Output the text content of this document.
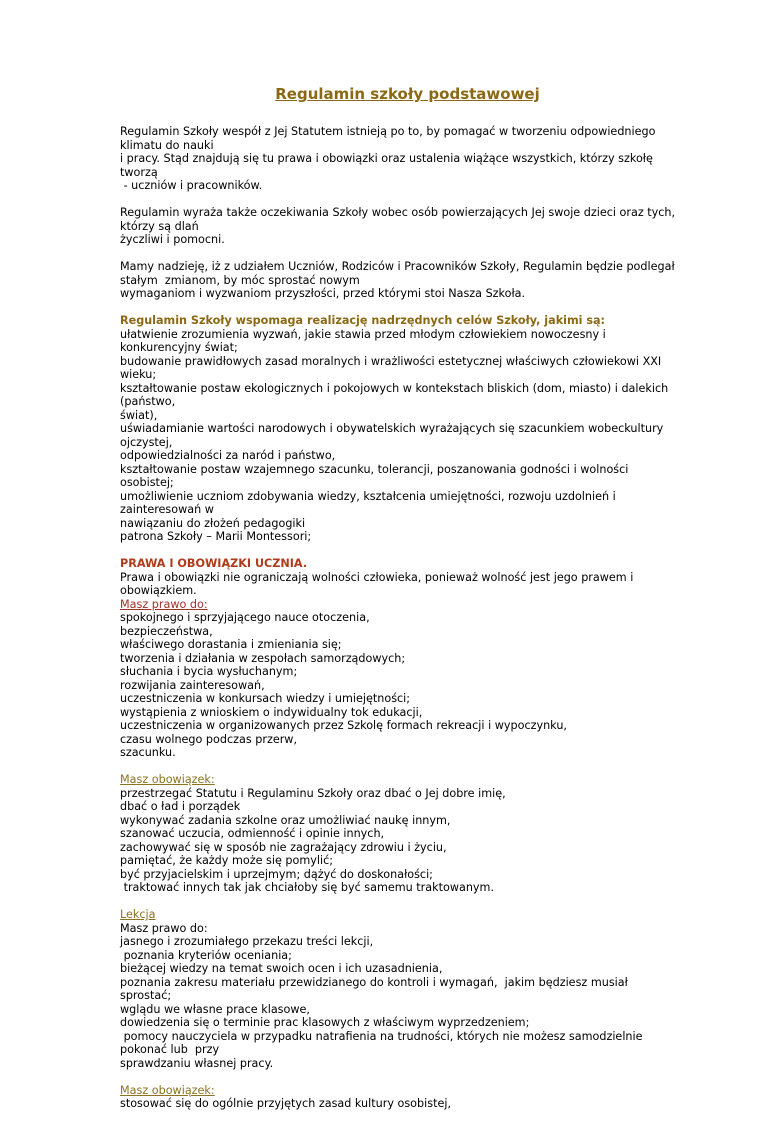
Regulamin szkoły podstawowej

Regulamin Szkoły wespół z Jej Statutem istnieją po to, by pomagać w tworzeniu odpowiedniego klimatu do nauki
i pracy. Stąd znajdują się tu prawa i obowiązki oraz ustalenia wiążące wszystkich, którzy szkołę tworzą
- uczniów i pracowników.

Regulamin wyraża także oczekiwania Szkoły wobec osób powierzających Jej swoje dzieci oraz tych, którzy są dlań
życzliwi i pomocni.

Mamy nadzieję, iż z udziałem Uczniów, Rodziców i Pracowników Szkoły, Regulamin będzie podlegał
stałym  zmianom, by móc sprostać nowym
wymaganiom i wyzwaniom przyszłości, przed którymi stoi Nasza Szkoła.

Regulamin Szkoły wspomaga realizację nadrzędnych celów Szkoły, jakimi są:
ułatwienie zrozumienia wyzwań, jakie stawia przed młodym człowiekiem nowoczesny i konkurencyjny świat;
budowanie prawidłowych zasad moralnych i wrażliwości estetycznej właściwych człowiekowi XXI wieku;
kształtowanie postaw ekologicznych i pokojowych w kontekstach bliskich (dom, miasto) i dalekich (państwo,
świat),
uświadamianie wartości narodowych i obywatelskich wyrażających się szacunkiem wobeckultury ojczystej,
odpowiedzialności za naród i państwo,
kształtowanie postaw wzajemnego szacunku, tolerancji, poszanowania godności i wolności osobistej;
umożliwienie uczniom zdobywania wiedzy, kształcenia umiejętności, rozwoju uzdolnień i zainteresowań w
nawiązaniu do złożeń pedagogiki
patrona Szkoły – Marii Montessori;

PRAWA I OBOWIĄZKI UCZNIA.
Prawa i obowiązki nie ograniczają wolności człowieka, ponieważ wolność jest jego prawem i obowiązkiem.
Masz prawo do:
spokojnego i sprzyjającego nauce otoczenia,
bezpieczeństwa,
właściwego dorastania i zmieniania się;
tworzenia i działania w zespołach samorządowych;
słuchania i bycia wysłuchanym;
rozwijania zainteresowań,
uczestniczenia w konkursach wiedzy i umiejętności;
wystąpienia z wnioskiem o indywidualny tok edukacji,
uczestniczenia w organizowanych przez Szkolę formach rekreacji i wypoczynku,
czasu wolnego podczas przerw,
szacunku.

Masz obowiązek:
przestrzegać Statutu i Regulaminu Szkoły oraz dbać o Jej dobre imię,
dbać o ład i porządek
wykonywać zadania szkolne oraz umożliwiać naukę innym,
szanować uczucia, odmienność i opinie innych,
zachowywać się w sposób nie zagrażający zdrowiu i życiu,
pamiętać, że każdy może się pomylić;
być przyjacielskim i uprzejmym; dążyć do doskonałości;
traktować innych tak jak chciałoby się być samemu traktowanym.

Lekcja
Masz prawo do:
jasnego i zrozumiałego przekazu treści lekcji,
poznania kryteriów oceniania;
bieżącej wiedzy na temat swoich ocen i ich uzasadnienia,
poznania zakresu materiału przewidzianego do kontroli i wymagań,  jakim będziesz musiał sprostać;
wglądu we własne prace klasowe,
dowiedzenia się o terminie prac klasowych z właściwym wyprzedzeniem;
pomocy nauczyciela w przypadku natrafienia na trudności, których nie możesz samodzielnie pokonać lub  przy
sprawdzaniu własnej pracy.

Masz obowiązek:
stosować się do ogólnie przyjętych zasad kultury osobistej,
